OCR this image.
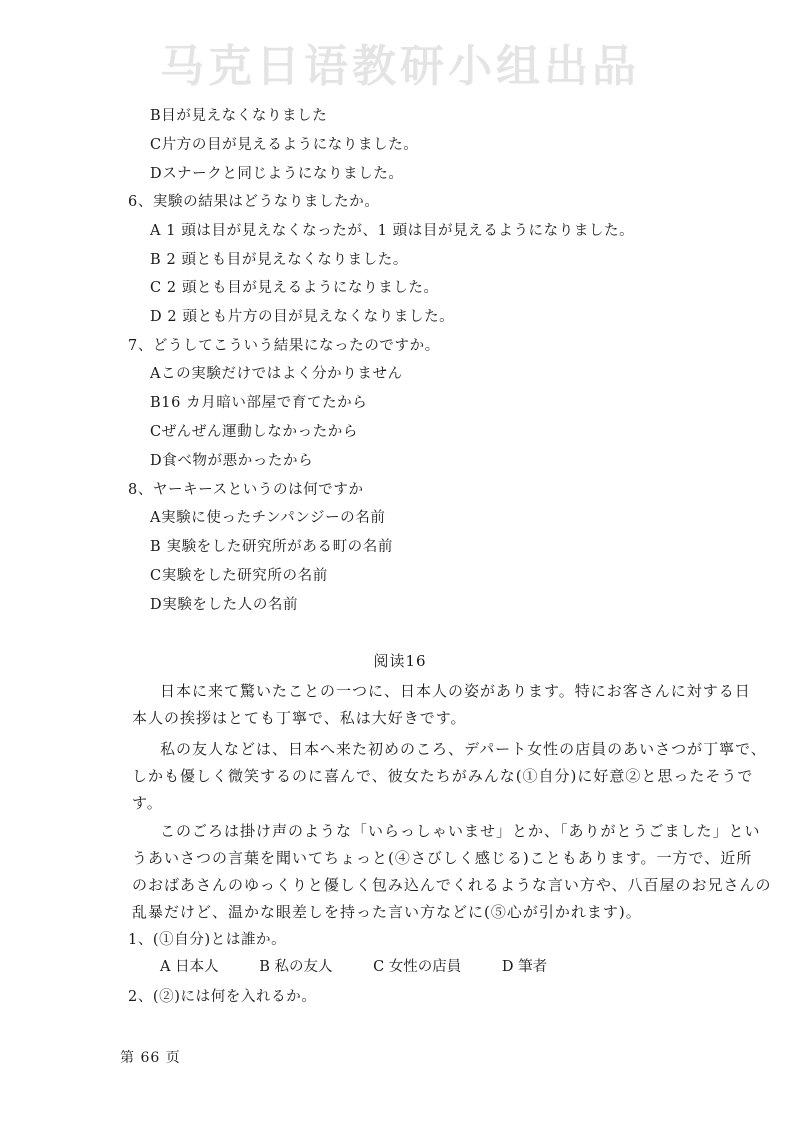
马克日语教研小组出品
B目が見えなくなりました
C片方の目が見えるようになりました。
Dスナークと同じようになりました。
6、実験の結果はどうなりましたか。
A 1 頭は目が見えなくなったが、1 頭は目が見えるようになりました。
B 2 頭とも目が見えなくなりました。
C 2 頭とも目が見えるようになりました。
D 2 頭とも片方の目が見えなくなりました。
7、どうしてこういう結果になったのですか。
Aこの実験だけではよく分かりません
B16 カ月暗い部屋で育てたから
Cぜんぜん運動しなかったから
D食べ物が悪かったから
8、ヤーキースというのは何ですか
A実験に使ったチンパンジーの名前
B 実験をした研究所がある町の名前
C実験をした研究所の名前
D実験をした人の名前
阅读16
日本に来て驚いたことの一つに、日本人の姿があります。特にお客さんに対する日
本人の挨拶はとても丁寧で、私は大好きです。
私の友人などは、日本へ来た初めのころ、デパート女性の店員のあいさつが丁寧で、
しかも優しく微笑するのに喜んで、彼女たちがみんな(①自分)に好意②と思ったそうで
す。
このごろは掛け声のような「いらっしゃいませ」とか、「ありがとうごました」とい
うあいさつの言葉を聞いてちょっと(④さびしく感じる)こともあります。一方で、近所
のおばあさんのゆっくりと優しく包み込んでくれるような言い方や、八百屋のお兄さんの
乱暴だけど、温かな眼差しを持った言い方などに(⑤心が引かれます)。
1、(①自分)とは誰か。
A 日本人	B 私の友人	C 女性の店員	D 筆者
2、(②)には何を入れるか。
第 66 页
